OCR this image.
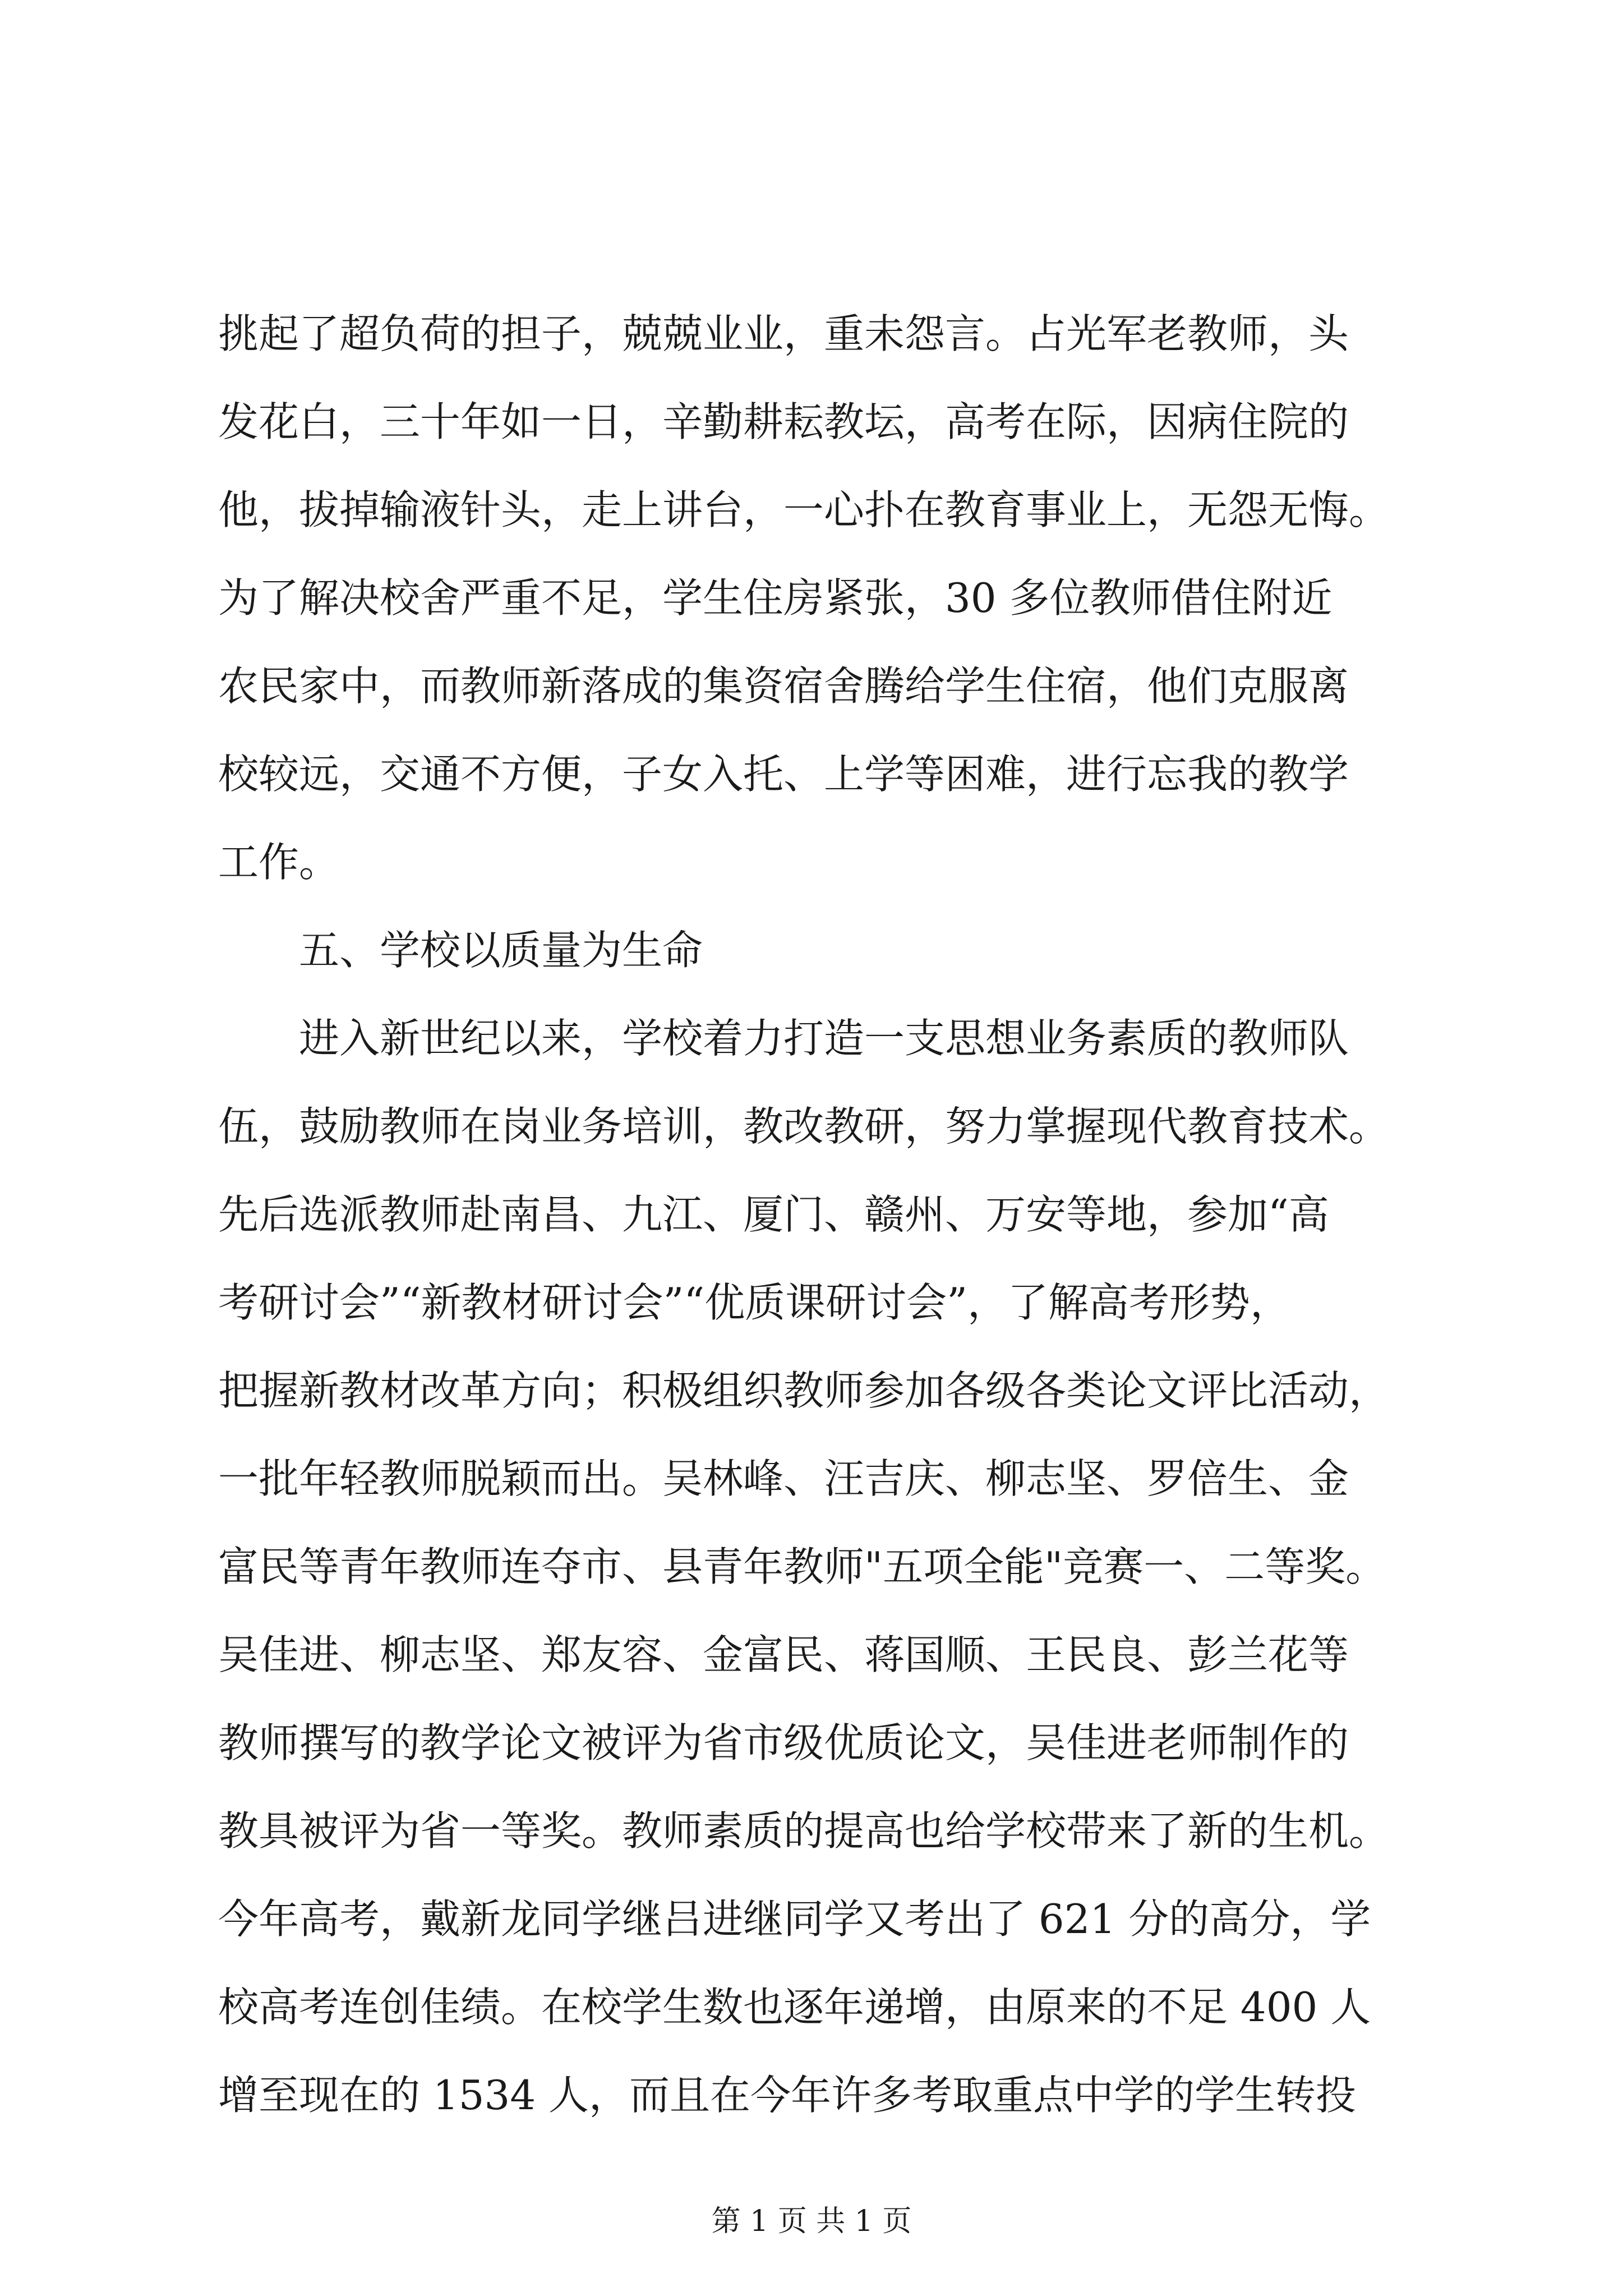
挑起了超负荷的担子，兢兢业业，重未怨言。占光军老教师，头
发花白，三十年如一日，辛勤耕耘教坛，高考在际，因病住院的
他，拔掉输液针头，走上讲台，一心扑在教育事业上，无怨无悔。
为了解决校舍严重不足，学生住房紧张，30 多位教师借住附近
农民家中，而教师新落成的集资宿舍腾给学生住宿，他们克服离
校较远，交通不方便，子女入托、上学等困难，进行忘我的教学
工作。
五、学校以质量为生命
进入新世纪以来，学校着力打造一支思想业务素质的教师队
伍，鼓励教师在岗业务培训，教改教研，努力掌握现代教育技术。
先后选派教师赴南昌、九江、厦门、赣州、万安等地，参加“高
考研讨会”“新教材研讨会”“优质课研讨会”，了解高考形势，
把握新教材改革方向；积极组织教师参加各级各类论文评比活动，
一批年轻教师脱颖而出。吴林峰、汪吉庆、柳志坚、罗倍生、金
富民等青年教师连夺市、县青年教师"五项全能"竞赛一、二等奖。
吴佳进、柳志坚、郑友容、金富民、蒋国顺、王民良、彭兰花等
教师撰写的教学论文被评为省市级优质论文，吴佳进老师制作的
教具被评为省一等奖。教师素质的提高也给学校带来了新的生机。
今年高考，戴新龙同学继吕进继同学又考出了 621 分的高分，学
校高考连创佳绩。在校学生数也逐年递增，由原来的不足 400 人
增至现在的 1534 人，而且在今年许多考取重点中学的学生转投
第 1 页 共 1 页
